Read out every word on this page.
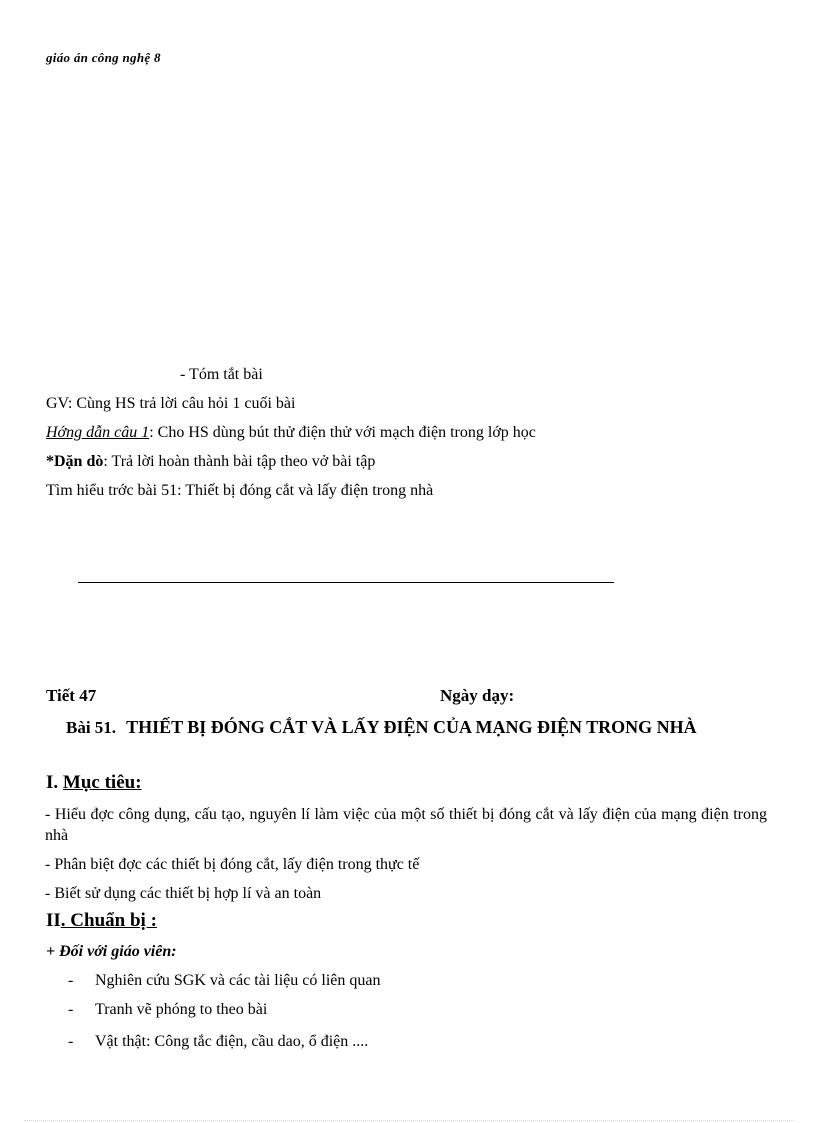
giáo án công nghệ 8
- Tóm tắt bài
GV: Cùng HS trả lời câu hỏi 1 cuối bài
Hớng dẫn câu 1: Cho HS dùng bút thử điện thử với mạch điện trong lớp học
*Dặn dò: Trả lời hoàn thành bài tập theo vở bài tập
Tìm hiểu trớc bài 51: Thiết bị đóng cắt và lấy điện trong nhà
Tiết 47	Ngày dạy:
Bài 51. THIẾT BỊ ĐÓNG CẮT VÀ LẤY ĐIỆN CỦA MẠNG ĐIỆN TRONG NHÀ
I. Mục tiêu:
- Hiểu đợc công dụng, cấu tạo, nguyên lí làm việc của một số thiết bị đóng cắt và lấy điện của mạng điện trong nhà
- Phân biệt đợc các thiết bị đóng cắt, lấy điện trong thực tế
- Biết sử dụng các thiết bị hợp lí và an toàn
II. Chuẩn bị :
+ Đối với giáo viên:
- Nghiên cứu SGK và các tài liệu có liên quan
- Tranh vẽ phóng to theo bài
- Vật thật: Công tắc điện, cầu dao, ổ điện ....
